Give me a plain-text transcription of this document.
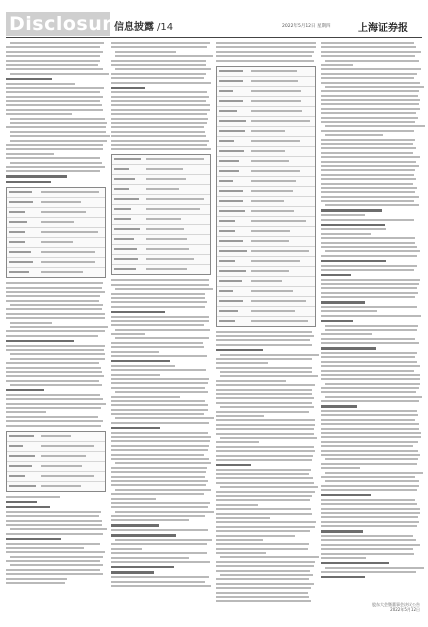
Disclosure
信息披露 /14	2022年5月12日 星期四	上海证券报
股东大会暨董事会决议公告
2022年5月12日
